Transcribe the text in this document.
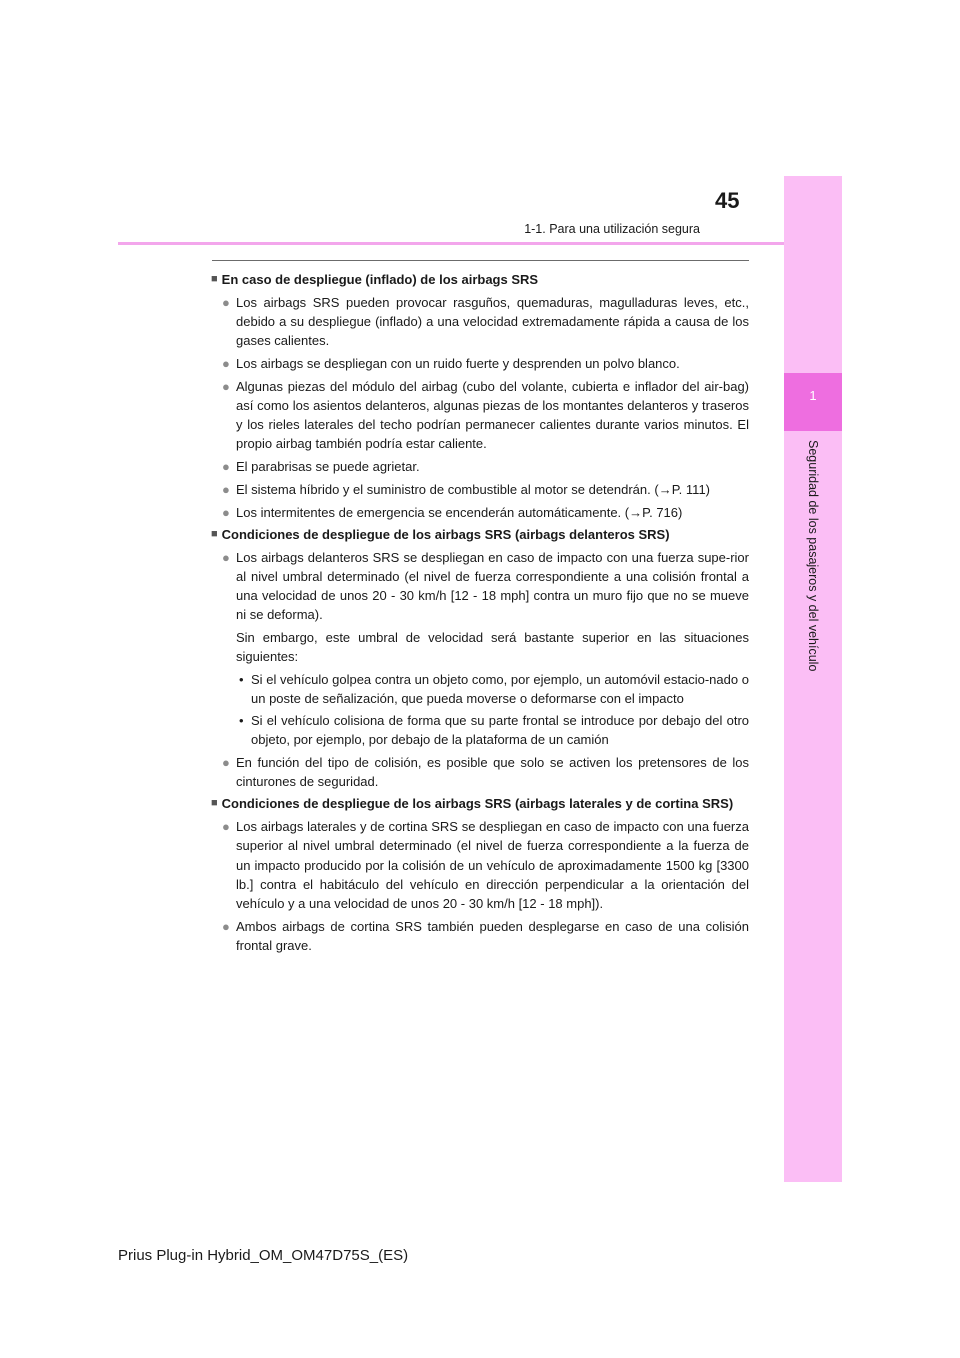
1
Seguridad de los pasajeros y del vehículo
45
1-1. Para una utilización segura
■ En caso de despliegue (inflado) de los airbags SRS
● Los airbags SRS pueden provocar rasguños, quemaduras, magulladuras leves, etc., debido a su despliegue (inflado) a una velocidad extremadamente rápida a causa de los gases calientes.
● Los airbags se despliegan con un ruido fuerte y desprenden un polvo blanco.
● Algunas piezas del módulo del airbag (cubo del volante, cubierta e inflador del air-bag) así como los asientos delanteros, algunas piezas de los montantes delanteros y traseros y los rieles laterales del techo podrían permanecer calientes durante varios minutos. El propio airbag también podría estar caliente.
● El parabrisas se puede agrietar.
● El sistema híbrido y el suministro de combustible al motor se detendrán. (→P. 111)
● Los intermitentes de emergencia se encenderán automáticamente. (→P. 716)
■ Condiciones de despliegue de los airbags SRS (airbags delanteros SRS)
● Los airbags delanteros SRS se despliegan en caso de impacto con una fuerza supe-rior al nivel umbral determinado (el nivel de fuerza correspondiente a una colisión frontal a una velocidad de unos 20 - 30 km/h [12 - 18 mph] contra un muro fijo que no se mueve ni se deforma).
Sin embargo, este umbral de velocidad será bastante superior en las situaciones siguientes:
• Si el vehículo golpea contra un objeto como, por ejemplo, un automóvil estacio-nado o un poste de señalización, que pueda moverse o deformarse con el impacto
• Si el vehículo colisiona de forma que su parte frontal se introduce por debajo del otro objeto, por ejemplo, por debajo de la plataforma de un camión
● En función del tipo de colisión, es posible que solo se activen los pretensores de los cinturones de seguridad.
■ Condiciones de despliegue de los airbags SRS (airbags laterales y de cortina SRS)
● Los airbags laterales y de cortina SRS se despliegan en caso de impacto con una fuerza superior al nivel umbral determinado (el nivel de fuerza correspondiente a la fuerza de un impacto producido por la colisión de un vehículo de aproximadamente 1500 kg [3300 lb.] contra el habitáculo del vehículo en dirección perpendicular a la orientación del vehículo y a una velocidad de unos 20 - 30 km/h [12 - 18 mph]).
● Ambos airbags de cortina SRS también pueden desplegarse en caso de una colisión frontal grave.
Prius Plug-in Hybrid_OM_OM47D75S_(ES)
